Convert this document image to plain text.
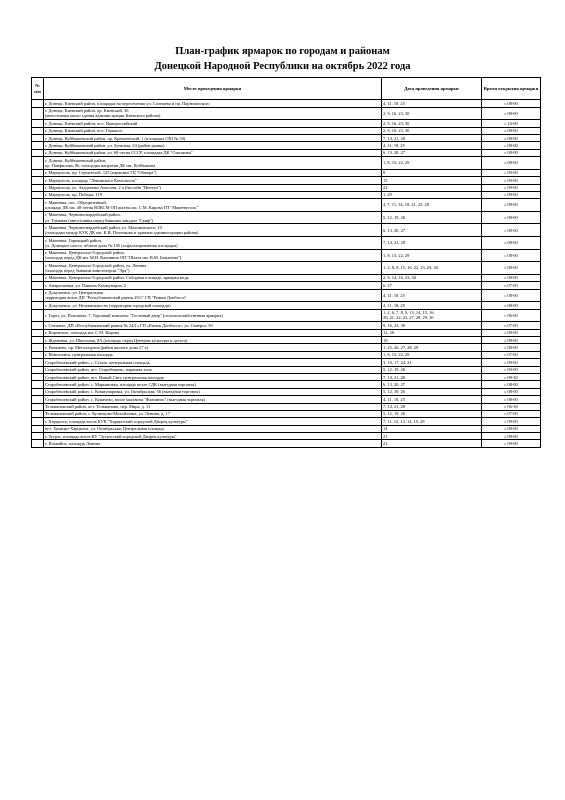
План-график ярмарок по городам и районам
Донецкой Народной Республики на октябрь 2022 года
№ п/п	Место проведения ярмарки	Дата проведения ярмарки	Время открытия ярмарки
	г. Донецк, Киевский район, площадка на пересечении ул. Солнцева и пр. Партизанского	4, 11, 18, 25	с 08-00
	г. Донецк, Киевский район, пр. Киевский, 36
(автостоянка около здания администрации Киевского района)	2, 9, 16, 23, 30	с 08-00
	г. Донецк, Киевский район, пос. Новороссийский	2, 9, 16, 23, 30	с 10-00
	г. Донецк, Киевский район, пос. Горького	2, 9, 16, 23, 30	с 08-00
	г. Донецк, Куйбышевский район, пр. Кремлевский, 1 (площадка ОШ № 50)	7, 14, 21, 28	с 08-00
	г. Донецк, Куйбышевский район, ул. Зуевская, 24 (район рынка)	4, 11, 18, 25	с 08-00
	г. Донецк, Куйбышевский район, ул. 60-летия СССР, площадка ДК "Смолянка"	6, 13, 20, 27	с 08-00
	г. Донецк, Куйбышевский район,
пр. Панфилова, 86, площадка напротив ДК им. Куйбышева	1, 8, 15, 22, 29	с 08-00
	г. Мариуполь, пр. Строителей, 125 (парковка ТЦ "Обжора")	8	с 09-00
	г. Мариуполь, площадь "Ленинского Комсомола"	15	с 09-00
	г. Мариуполь, ул. Академика Амосова, 2 а (бассейн "Нептун")	22	с 09-00
	г. Мариуполь, пр. Победы, 119	1, 29	с 09-00
	г. Макеевка, пос. Объединенный,
площадь ДК им. 40-летия ВЛКСМ ОП шахты им. С.М. Кирова ГП "Макеевуголь"	4, 7, 11, 14, 18, 21, 25, 28	с 08-00
	г. Макеевка, Червоногвардейский район,
ул. Таежная (автостоянка перед бывшим заводом "Скиф")	5, 12, 19, 26	с 08-00
	г. Макеевка, Червоногвардейский район, ул. Малиновского, 10
(площадка между КУК ДК им. К.И. Поченкова и зданием администрации района)	6, 13, 20, 27	с 08-00
	г. Макеевка, Горняцкий район,
ул. Донецкое шоссе, вблизи дома № 105 (асфальтированная площадка)	7, 14, 21, 28	с 08-00
	г. Макеевка, Центрально-Городской район,
(площадь перед ДК им. М.Н. Калинина ОП "Шахта им. В.М. Бажанова")	1, 8, 15, 22, 29	с 08-00
	г. Макеевка, Центрально-Городской район, ул. Ленина
(площадь перед бывшим кинотеатром "Эра")	1, 2, 8, 9, 15, 16, 22, 23, 29, 30	с 08-00
	г. Макеевка, Центрально-Городской район, Соборная площадь, ярмарка меда	2, 9, 14, 16, 23, 30	с 08-00
	г. Амвросиевка, ул. Павших Коммунаров, 2	6, 27	с 07-00
	г. Докучаевск, ул. Центральная
территория возле ДП "Республиканский рынок 29/1" ГП "Рынки Донбасса"	4, 11, 18, 25	с 08-00
	г. Докучаевск, ул. Независимости (территория городской площади)	4, 11, 18, 25	с 08-00
	г. Торез, ул. Поповича, 7, Торговый комплекс "Гостиный двор" (сельскохозяйственная ярмарка)	1, 2, 6, 7, 8, 9, 13 ,14, 15, 16,
20, 21, 22, 23, 27, 28, 29, 30	с 06-00
	г. Снежное, ДП «Республиканский рынок № 24/1» ГП «Рынок Донбасса», ул. Свиерса, 50	9, 16, 23, 30	с 07-00
	г. Кировское, площадь им. С.М. Кирова	12, 26	с 08-00
	г. Ждановка, ул. Школьная, 8А (площадь перед Центром культуры и досуга)	19	с 08-00
	г. Енакиево, пр. Металлургов (район жилого дома 27 а)	1, 25, 26, 27, 28, 29	с 08-00
	г. Новоазовск, центральная площадь	1, 8, 15, 22, 29	с 07-00
	Старобешевский район, с. Стыла, центральная площадь	3, 10, 17, 24, 31	с 09-00
	Старобешевский район, пгт. Старобешево, парковая зона	5, 12, 19, 26	с 09-00
	Старобешевский район, пгт. Новый Свет, центральная площадь	7, 14, 21, 28	с 08-30
	Старобешевский район, с. Марьяновка, площадь возле СДК (выездная торговля)	6, 13, 20, 27	с 08-00
	Старобешевский район, с. Коммунаровка, ул. Октябрьская, 56 (выездная торговля)	5, 12, 19, 26	с 08-00
	Старобешевский район, с. Кумачево, возле магазина "Фламинго" (выездная торговля)	4, 11, 18, 25	с 08-00
	Тельмановский район, пгт. Тельманово, пер. Мира, д. 11	7, 14, 21, 28	с 06-30
	Тельмановский район, с. Кузнецово-Михайловка, ул. Ленина, д. 17	5, 12, 19, 26	с 07-00
	г. Харцызск, площадь возле КУК "Харцызский городской Дворец культуры"	7, 11, 12, 13, 14, 15, 28	с 09-00
	пгт. Троицко-Харцызск, ул. Октябрьская, Центральная площадь	14	с 08-00
	г. Зугрэс, площадь возле КУ "Зугрэсский городской Дворец культуры"	21	с 08-00
	г. Иловайск, площадь Ленина	21	с 09-00
